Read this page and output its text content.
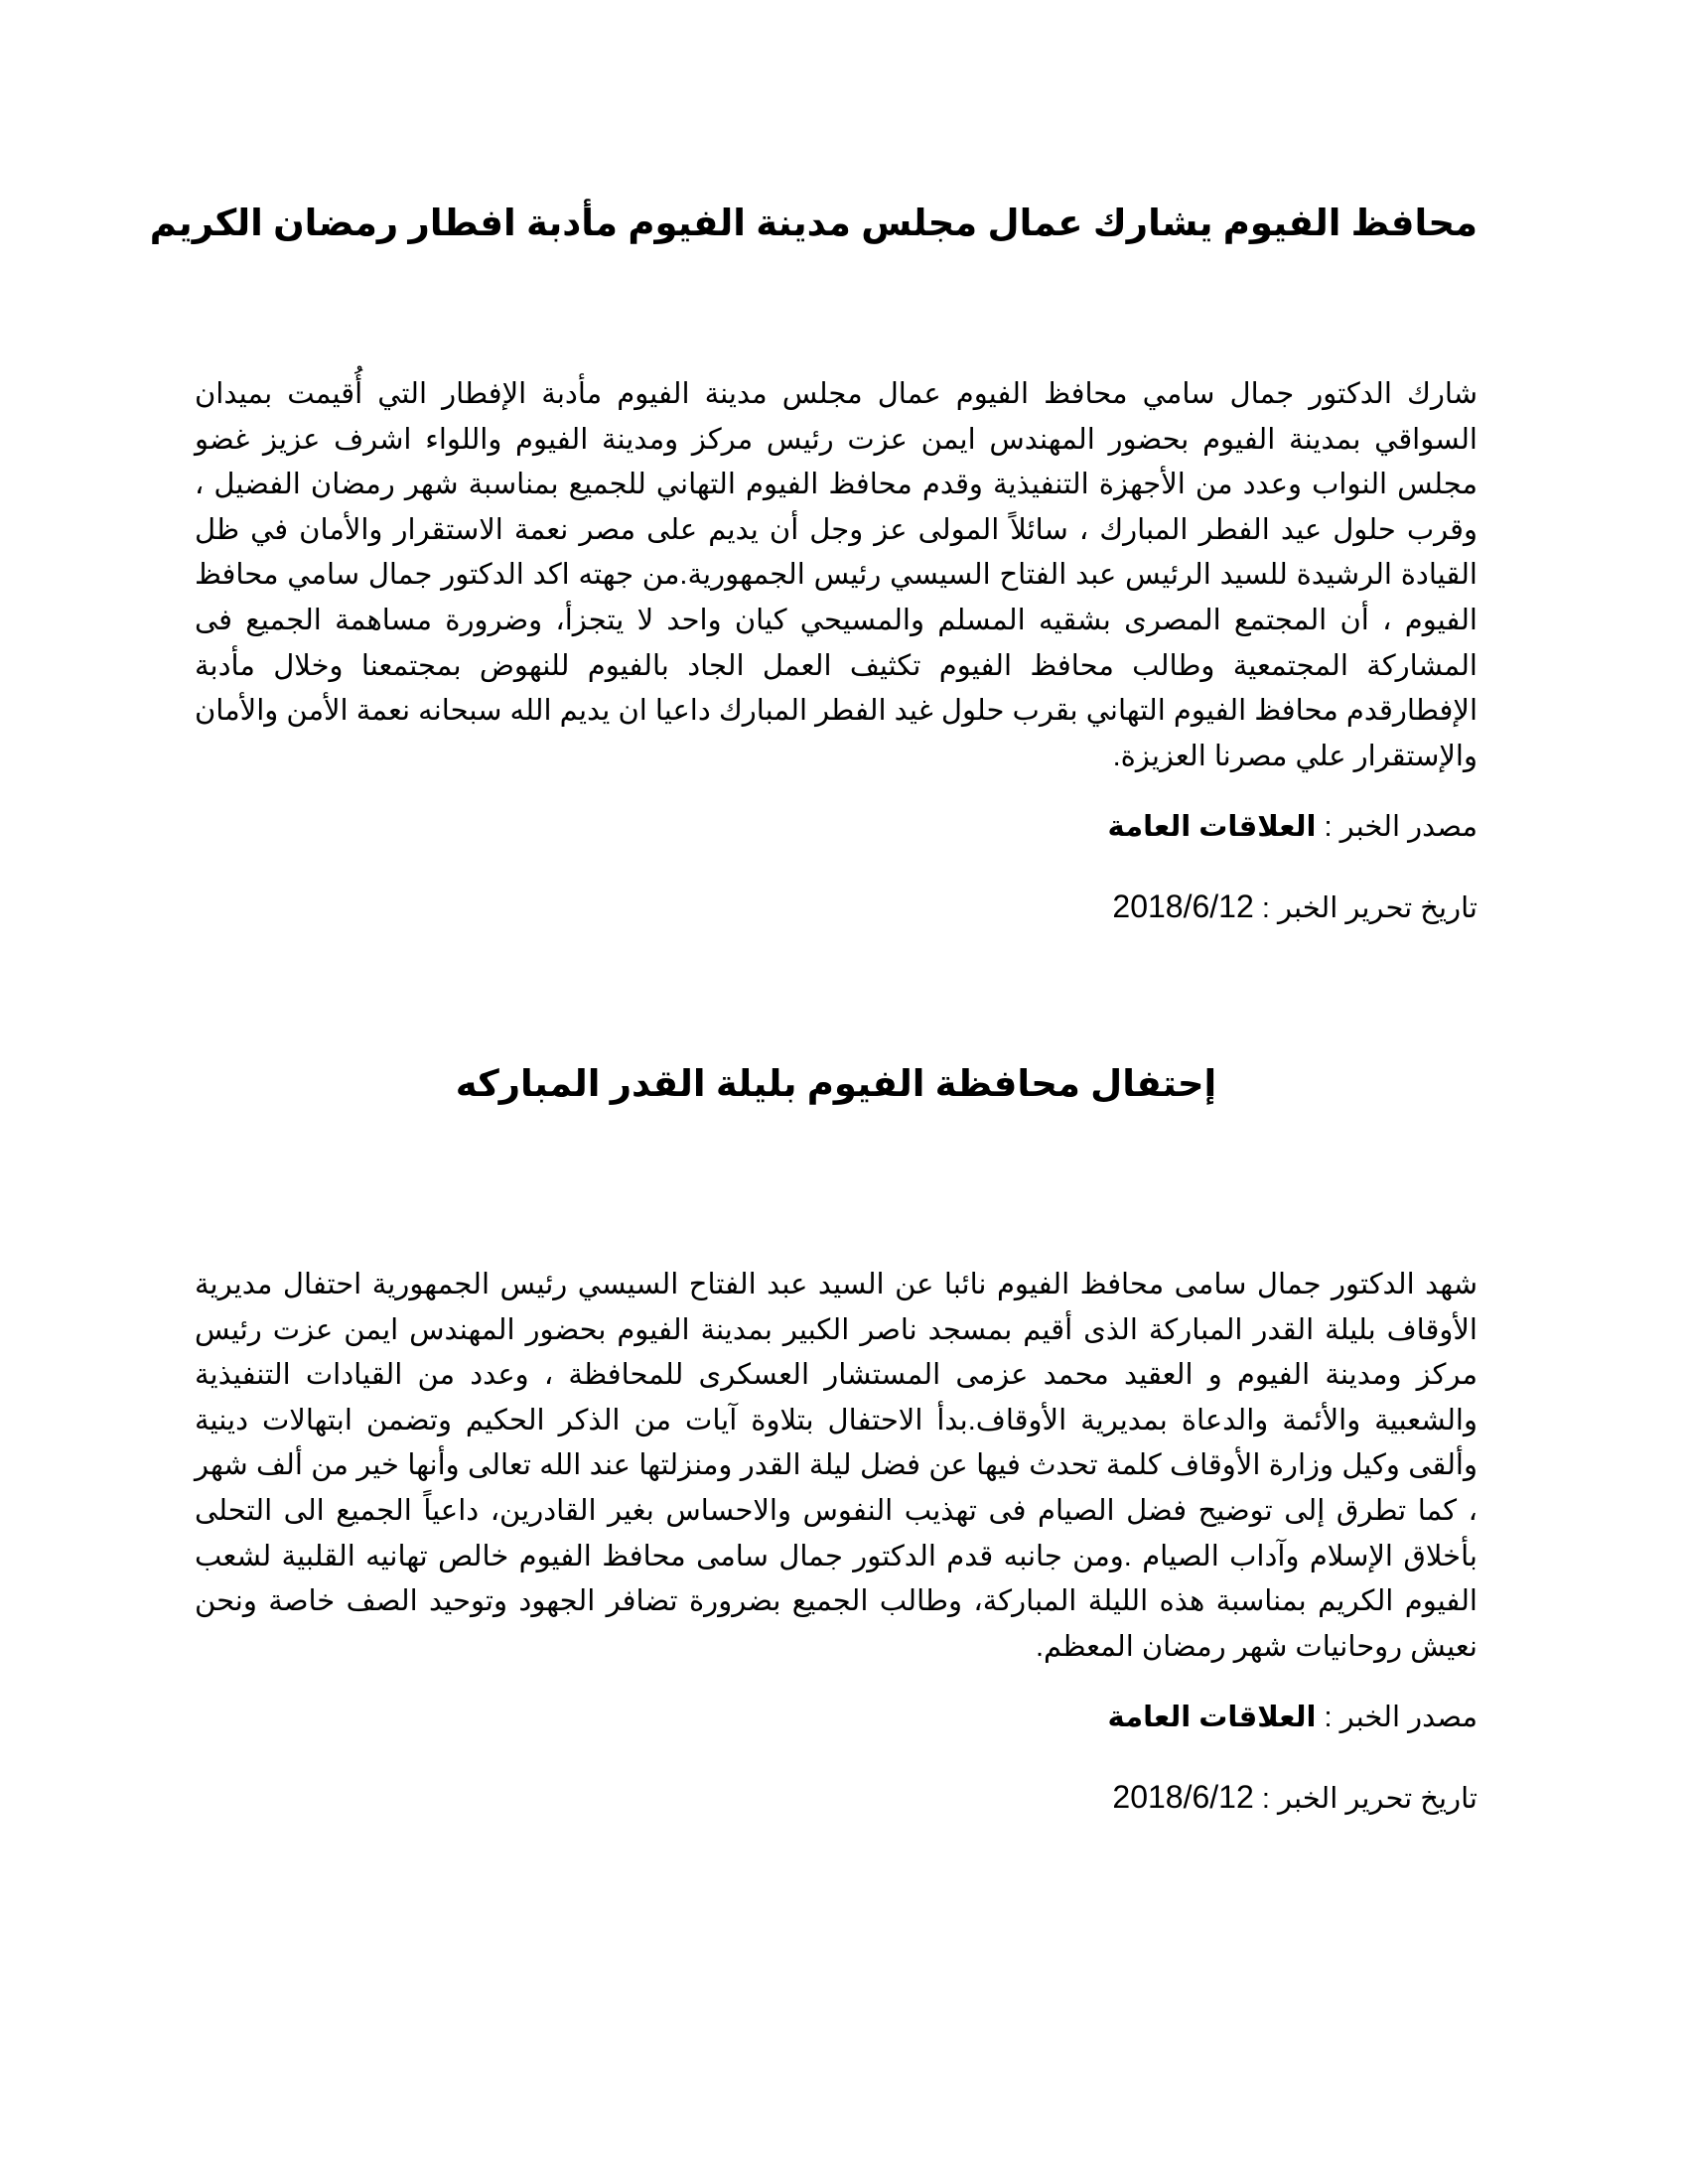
محافظ الفيوم يشارك عمال مجلس مدينة الفيوم مأدبة افطار رمضان الكريم

شارك الدكتور جمال سامي محافظ الفيوم عمال مجلس مدينة الفيوم مأدبة الإفطار التي أُقيمت بميدان السواقي بمدينة الفيوم بحضور المهندس ايمن عزت رئيس مركز ومدينة الفيوم واللواء اشرف عزيز غضو مجلس النواب وعدد من الأجهزة التنفيذية وقدم محافظ الفيوم التهاني للجميع بمناسبة شهر رمضان الفضيل ، وقرب حلول عيد الفطر المبارك ، سائلاً المولى عز وجل أن يديم على مصر نعمة الاستقرار والأمان في ظل القيادة الرشيدة للسيد الرئيس عبد الفتاح السيسي رئيس الجمهورية.من جهته اكد الدكتور جمال سامي محافظ الفيوم ، أن المجتمع المصرى بشقيه المسلم والمسيحي كيان واحد لا يتجزأ، وضرورة مساهمة الجميع فى المشاركة المجتمعية وطالب محافظ الفيوم تكثيف العمل الجاد بالفيوم للنهوض بمجتمعنا وخلال مأدبة الإفطارقدم محافظ الفيوم التهاني بقرب حلول غيد الفطر المبارك داعيا ان يديم الله سبحانه نعمة الأمن والأمان والإستقرار علي مصرنا العزيزة.

مصدر الخبر : العلاقات العامة

تاريخ تحرير الخبر : 2018/6/12

إحتفال محافظة الفيوم بليلة القدر المباركه

شهد الدكتور جمال سامى محافظ الفيوم نائبا عن السيد عبد الفتاح السيسي رئيس الجمهورية احتفال مديرية الأوقاف بليلة القدر المباركة الذى أقيم بمسجد ناصر الكبير بمدينة الفيوم بحضور المهندس ايمن عزت رئيس مركز ومدينة الفيوم و العقيد محمد عزمى المستشار العسكرى للمحافظة ، وعدد من القيادات التنفيذية والشعبية والأئمة والدعاة بمديرية الأوقاف.بدأ الاحتفال بتلاوة آيات من الذكر الحكيم وتضمن ابتهالات دينية وألقى وكيل وزارة الأوقاف كلمة تحدث فيها عن فضل ليلة القدر ومنزلتها عند الله تعالى وأنها خير من ألف شهر ، كما تطرق إلى توضيح فضل الصيام فى تهذيب النفوس والاحساس بغير القادرين، داعياً الجميع الى التحلى بأخلاق الإسلام وآداب الصيام .ومن جانبه قدم الدكتور جمال سامى محافظ الفيوم خالص تهانيه القلبية لشعب الفيوم الكريم بمناسبة هذه الليلة المباركة، وطالب الجميع بضرورة تضافر الجهود وتوحيد الصف خاصة ونحن نعيش روحانيات شهر رمضان المعظم.

مصدر الخبر : العلاقات العامة

تاريخ تحرير الخبر : 2018/6/12
